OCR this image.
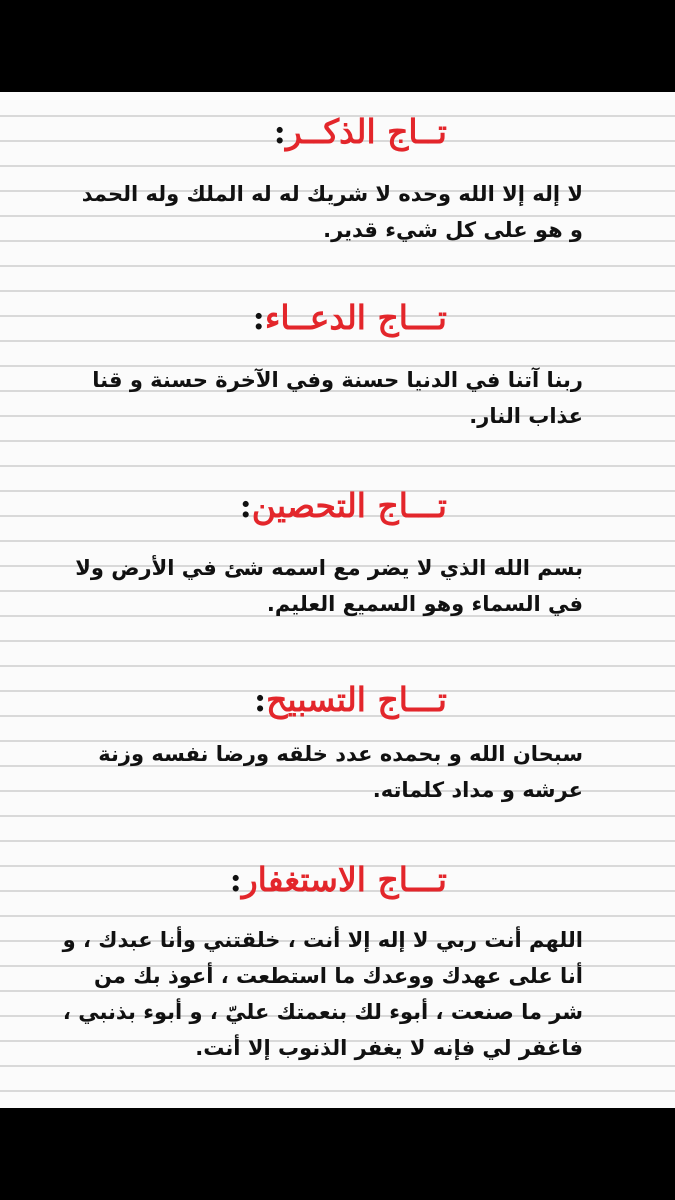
تــاج الذكــر:
لا إله إلا الله وحده لا شريك له له الملك وله الحمد
و هو على كل شيء قدير.
تـــاج الدعــاء:
ربنا آتنا في الدنيا حسنة وفي الآخرة حسنة و قنا
عذاب النار.
تـــاج التحصين:
بسم الله الذي لا يضر مع اسمه شئ في الأرض ولا
في السماء وهو السميع العليم.
تـــاج التسبيح:
سبحان الله و بحمده عدد خلقه ورضا نفسه وزنة
عرشه و مداد كلماته.
تـــاج الاستغفار:
اللهم أنت ربي لا إله إلا أنت ، خلقتني وأنا عبدك ، و
أنا على عهدك ووعدك ما استطعت ، أعوذ بك من
شر ما صنعت ، أبوء لك بنعمتك عليّ ، و أبوء بذنبي ،
فاغفر لي فإنه لا يغفر الذنوب إلا أنت.
